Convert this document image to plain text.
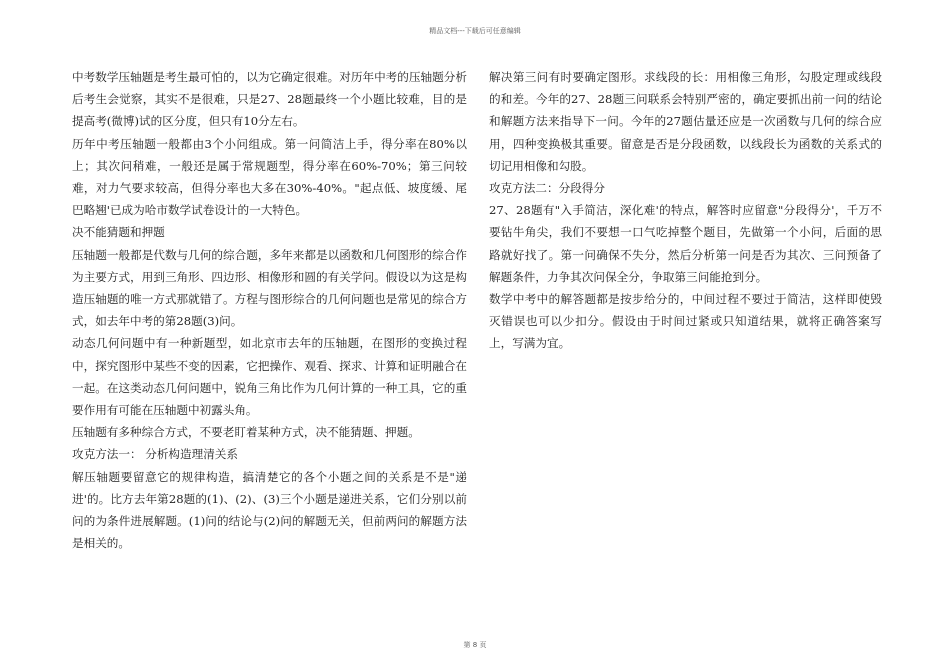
精品文档---下载后可任意编辑

中考数学压轴题是考生最可怕的，以为它确定很难。对历年中考的压轴题分析后考生会觉察，其实不是很难，只是27、28题最终一个小题比较难，目的是提高考(微博)试的区分度，但只有10分左右。

历年中考压轴题一般都由3个小问组成。第一问简洁上手，得分率在80%以上；其次问稍难，一般还是属于常规题型，得分率在60%-70%；第三问较难，对力气要求较高，但得分率也大多在30%-40%。"起点低、坡度缓、尾巴略翘'已成为哈市数学试卷设计的一大特色。

决不能猜题和押题

压轴题一般都是代数与几何的综合题，多年来都是以函数和几何图形的综合作为主要方式，用到三角形、四边形、相像形和圆的有关学问。假设以为这是构造压轴题的唯一方式那就错了。方程与图形综合的几何问题也是常见的综合方式，如去年中考的第28题(3)问。

动态几何问题中有一种新题型，如北京市去年的压轴题，在图形的变换过程中，探究图形中某些不变的因素，它把操作、观看、探求、计算和证明融合在一起。在这类动态几何问题中，锐角三角比作为几何计算的一种工具，它的重要作用有可能在压轴题中初露头角。

压轴题有多种综合方式，不要老盯着某种方式，决不能猜题、押题。

攻克方法一： 分析构造理清关系

解压轴题要留意它的规律构造，搞清楚它的各个小题之间的关系是不是"递进'的。比方去年第28题的(1)、(2)、(3)三个小题是递进关系，它们分别以前问的为条件进展解题。(1)问的结论与(2)问的解题无关，但前两问的解题方法是相关的。

解决第三问有时要确定图形。求线段的长：用相像三角形，勾股定理或线段的和差。今年的27、28题三问联系会特别严密的，确定要抓出前一问的结论和解题方法来指导下一问。今年的27题估量还应是一次函数与几何的综合应用，四种变换极其重要。留意是否是分段函数，以线段长为函数的关系式的切记用相像和勾股。

攻克方法二：分段得分

27、28题有"入手简洁，深化难'的特点，解答时应留意"分段得分'，千万不要钻牛角尖，我们不要想一口气吃掉整个题目，先做第一个小问，后面的思路就好找了。第一问确保不失分，然后分析第一问是否为其次、三问预备了解题条件，力争其次问保全分，争取第三问能抢到分。

数学中考中的解答题都是按步给分的，中间过程不要过于简洁，这样即使毁灭错误也可以少扣分。假设由于时间过紧或只知道结果，就将正确答案写上，写满为宜。

第 8 页
